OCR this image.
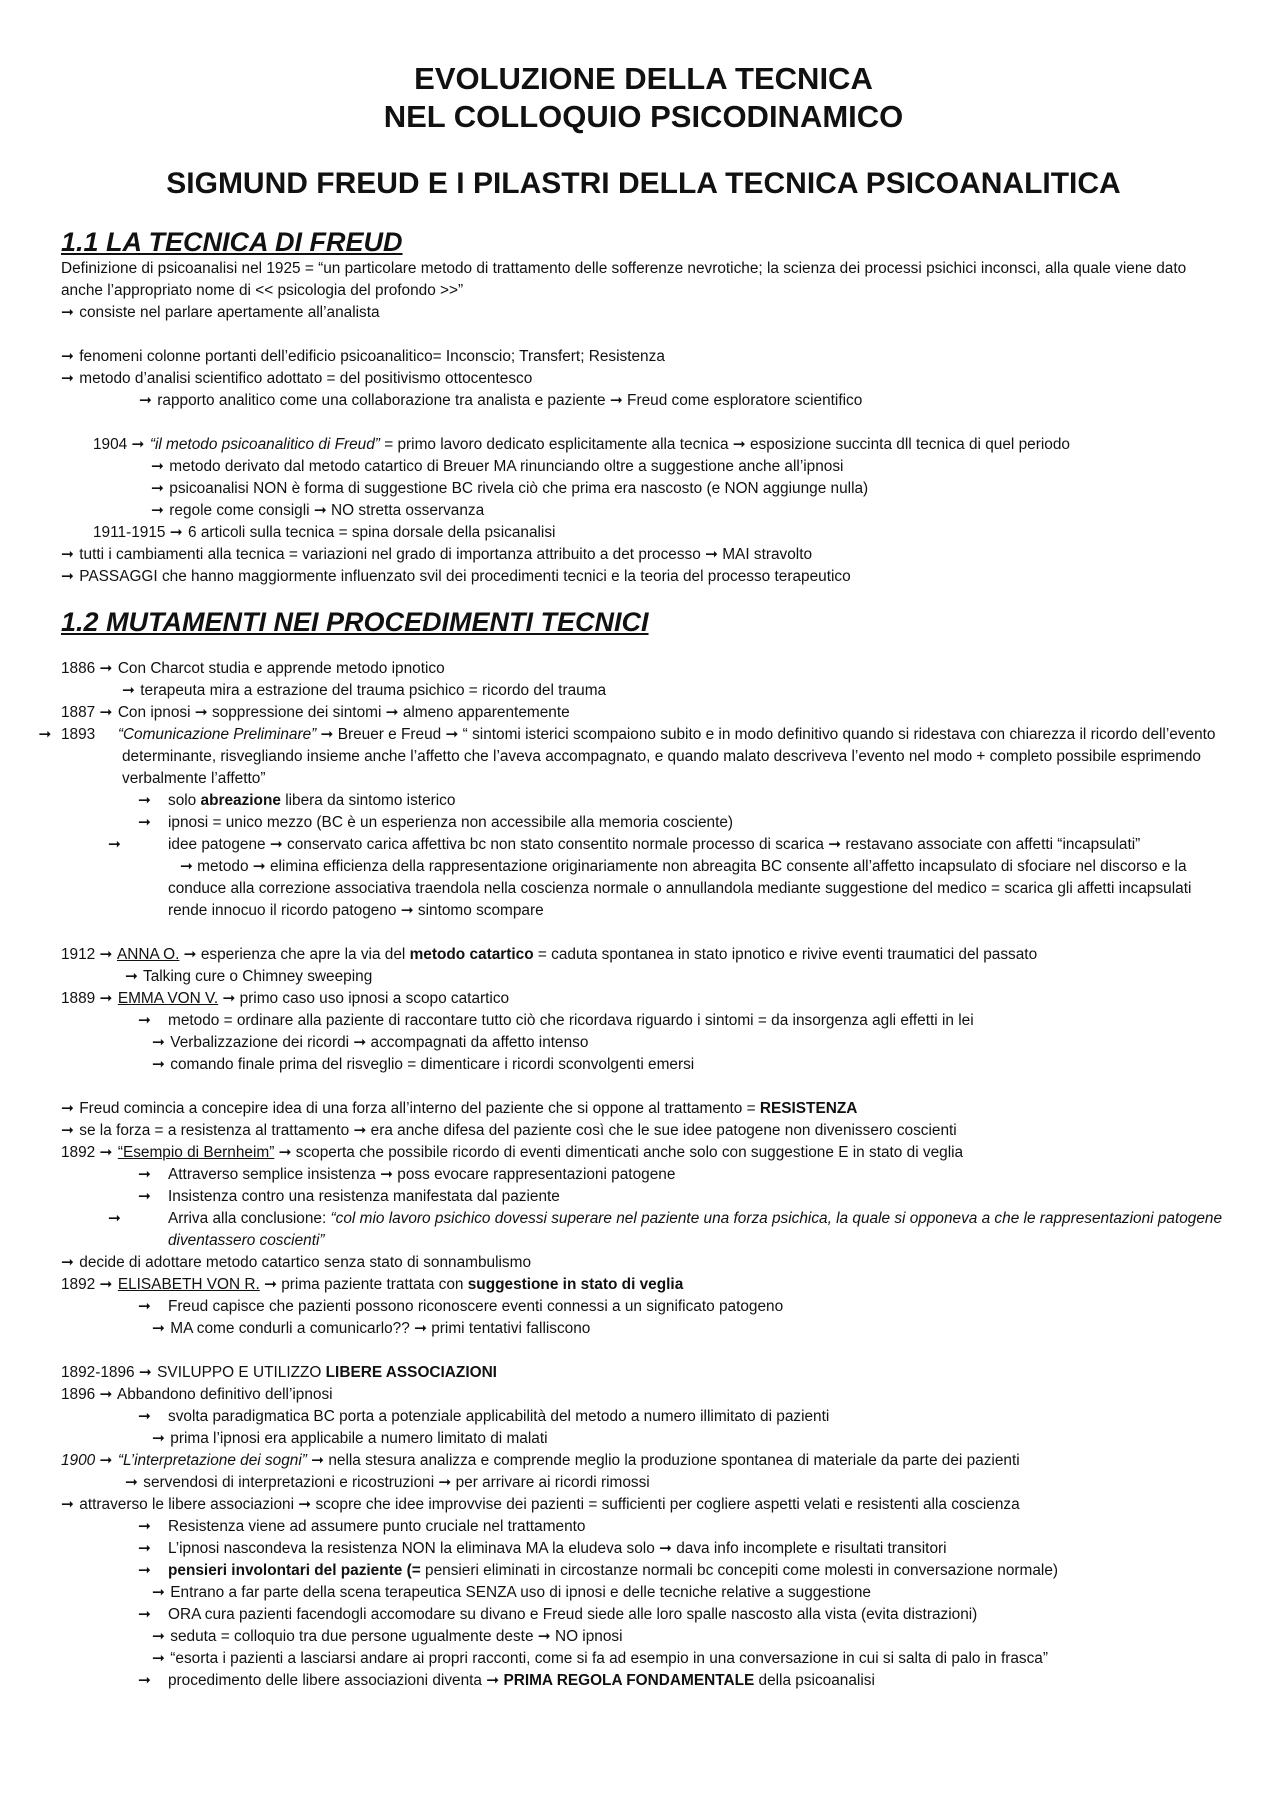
EVOLUZIONE DELLA TECNICA
NEL COLLOQUIO PSICODINAMICO

SIGMUND FREUD E I PILASTRI DELLA TECNICA PSICOANALITICA

1.1 LA TECNICA DI FREUD

Definizione di psicoanalisi nel 1925 = “un particolare metodo di trattamento delle sofferenze nevrotiche; la scienza dei processi psichici inconsci, alla quale viene dato anche l’appropriato nome di << psicologia del profondo >>”

➞ consiste nel parlare apertamente all’analista

➞ fenomeni colonne portanti dell’edificio psicoanalitico= Inconscio; Transfert; Resistenza

➞ metodo d’analisi scientifico adottato = del positivismo ottocentesco

➞ rapporto analitico come una collaborazione tra analista e paziente ➞ Freud come esploratore scientifico

1904 ➞ “il metodo psicoanalitico di Freud” = primo lavoro dedicato esplicitamente alla tecnica ➞ esposizione succinta dll tecnica di quel periodo

➞ metodo derivato dal metodo catartico di Breuer MA rinunciando oltre a suggestione anche all’ipnosi

➞ psicoanalisi NON è forma di suggestione BC rivela ciò che prima era nascosto (e NON aggiunge nulla)

➞ regole come consigli ➞ NO stretta osservanza

1911-1915 ➞ 6 articoli sulla tecnica = spina dorsale della psicanalisi

➞ tutti i cambiamenti alla tecnica = variazioni nel grado di importanza attribuito a det processo ➞ MAI stravolto

➞ PASSAGGI che hanno maggiormente influenzato svil dei procedimenti tecnici e la teoria del processo terapeutico

1.2 MUTAMENTI NEI PROCEDIMENTI TECNICI

1886 ➞ Con Charcot studia e apprende metodo ipnotico

➞ terapeuta mira a estrazione del trauma psichico = ricordo del trauma

1887 ➞ Con ipnosi ➞ soppressione dei sintomi ➞ almeno apparentemente

1893 ➞	“Comunicazione Preliminare” ➞ Breuer e Freud ➞ “ sintomi isterici scompaiono subito e in modo definitivo quando si ridestava con chiarezza il ricordo dell’evento determinante, risvegliando insieme anche l’affetto che l’aveva accompagnato, e quando malato descriveva l’evento nel modo + completo possibile esprimendo verbalmente l’affetto”

➞ solo abreazione libera da sintomo isterico

➞ ipnosi = unico mezzo (BC è un esperienza non accessibile alla memoria cosciente)

➞	idee patogene ➞ conservato carica affettiva bc non stato consentito normale processo di scarica ➞ restavano associate con affetti “incapsulati”

➞ metodo ➞ elimina efficienza della rappresentazione originariamente non abreagita BC consente all’affetto incapsulato di sfociare nel discorso e la conduce alla correzione associativa traendola nella coscienza normale o annullandola mediante suggestione del medico = scarica gli affetti incapsulati rende innocuo il ricordo patogeno ➞ sintomo scompare

1912 ➞ ANNA O. ➞ esperienza che apre la via del metodo catartico = caduta spontanea in stato ipnotico e rivive eventi traumatici del passato

➞ Talking cure o Chimney sweeping

1889 ➞ EMMA VON V. ➞ primo caso uso ipnosi a scopo catartico

➞ metodo = ordinare alla paziente di raccontare tutto ciò che ricordava riguardo i sintomi = da insorgenza agli effetti in lei

➞ Verbalizzazione dei ricordi ➞ accompagnati da affetto intenso

➞ comando finale prima del risveglio = dimenticare i ricordi sconvolgenti emersi

➞ Freud comincia a concepire idea di una forza all’interno del paziente che si oppone al trattamento = RESISTENZA

➞ se la forza = a resistenza al trattamento ➞ era anche difesa del paziente così che le sue idee patogene non divenissero coscienti

1892 ➞ “Esempio di Bernheim” ➞ scoperta che possibile ricordo di eventi dimenticati anche solo con suggestione E in stato di veglia

➞ Attraverso semplice insistenza ➞ poss evocare rappresentazioni patogene

➞ Insistenza contro una resistenza manifestata dal paziente

➞	Arriva alla conclusione: “col mio lavoro psichico dovessi superare nel paziente una forza psichica, la quale si opponeva a che le rappresentazioni patogene diventassero coscienti”

➞ decide di adottare metodo catartico senza stato di sonnambulismo

1892 ➞ ELISABETH VON R. ➞ prima paziente trattata con suggestione in stato di veglia

➞ Freud capisce che pazienti possono riconoscere eventi connessi a un significato patogeno

➞ MA come condurli a comunicarlo?? ➞ primi tentativi falliscono

1892-1896 ➞ SVILUPPO E UTILIZZO LIBERE ASSOCIAZIONI

1896 ➞ Abbandono definitivo dell’ipnosi

➞ svolta paradigmatica BC porta a potenziale applicabilità del metodo a numero illimitato di pazienti

➞ prima l’ipnosi era applicabile a numero limitato di malati

1900 ➞ “L’interpretazione dei sogni” ➞ nella stesura analizza e comprende meglio la produzione spontanea di materiale da parte dei pazienti

➞ servendosi di interpretazioni e ricostruzioni ➞ per arrivare ai ricordi rimossi

➞ attraverso le libere associazioni ➞ scopre che idee improvvise dei pazienti = sufficienti per cogliere aspetti velati e resistenti alla coscienza

➞ Resistenza viene ad assumere punto cruciale nel trattamento

➞ L’ipnosi nascondeva la resistenza NON la eliminava MA la eludeva solo ➞ dava info incomplete e risultati transitori

➞ pensieri involontari del paziente (= pensieri eliminati in circostanze normali bc concepiti come molesti in conversazione normale)

➞ Entrano a far parte della scena terapeutica SENZA uso di ipnosi e delle tecniche relative a suggestione

➞ ORA cura pazienti facendogli accomodare su divano e Freud siede alle loro spalle nascosto alla vista (evita distrazioni)

➞ seduta = colloquio tra due persone ugualmente deste ➞ NO ipnosi

➞ “esorta i pazienti a lasciarsi andare ai propri racconti, come si fa ad esempio in una conversazione in cui si salta di palo in frasca”

➞ procedimento delle libere associazioni diventa ➞ PRIMA REGOLA FONDAMENTALE della psicoanalisi
